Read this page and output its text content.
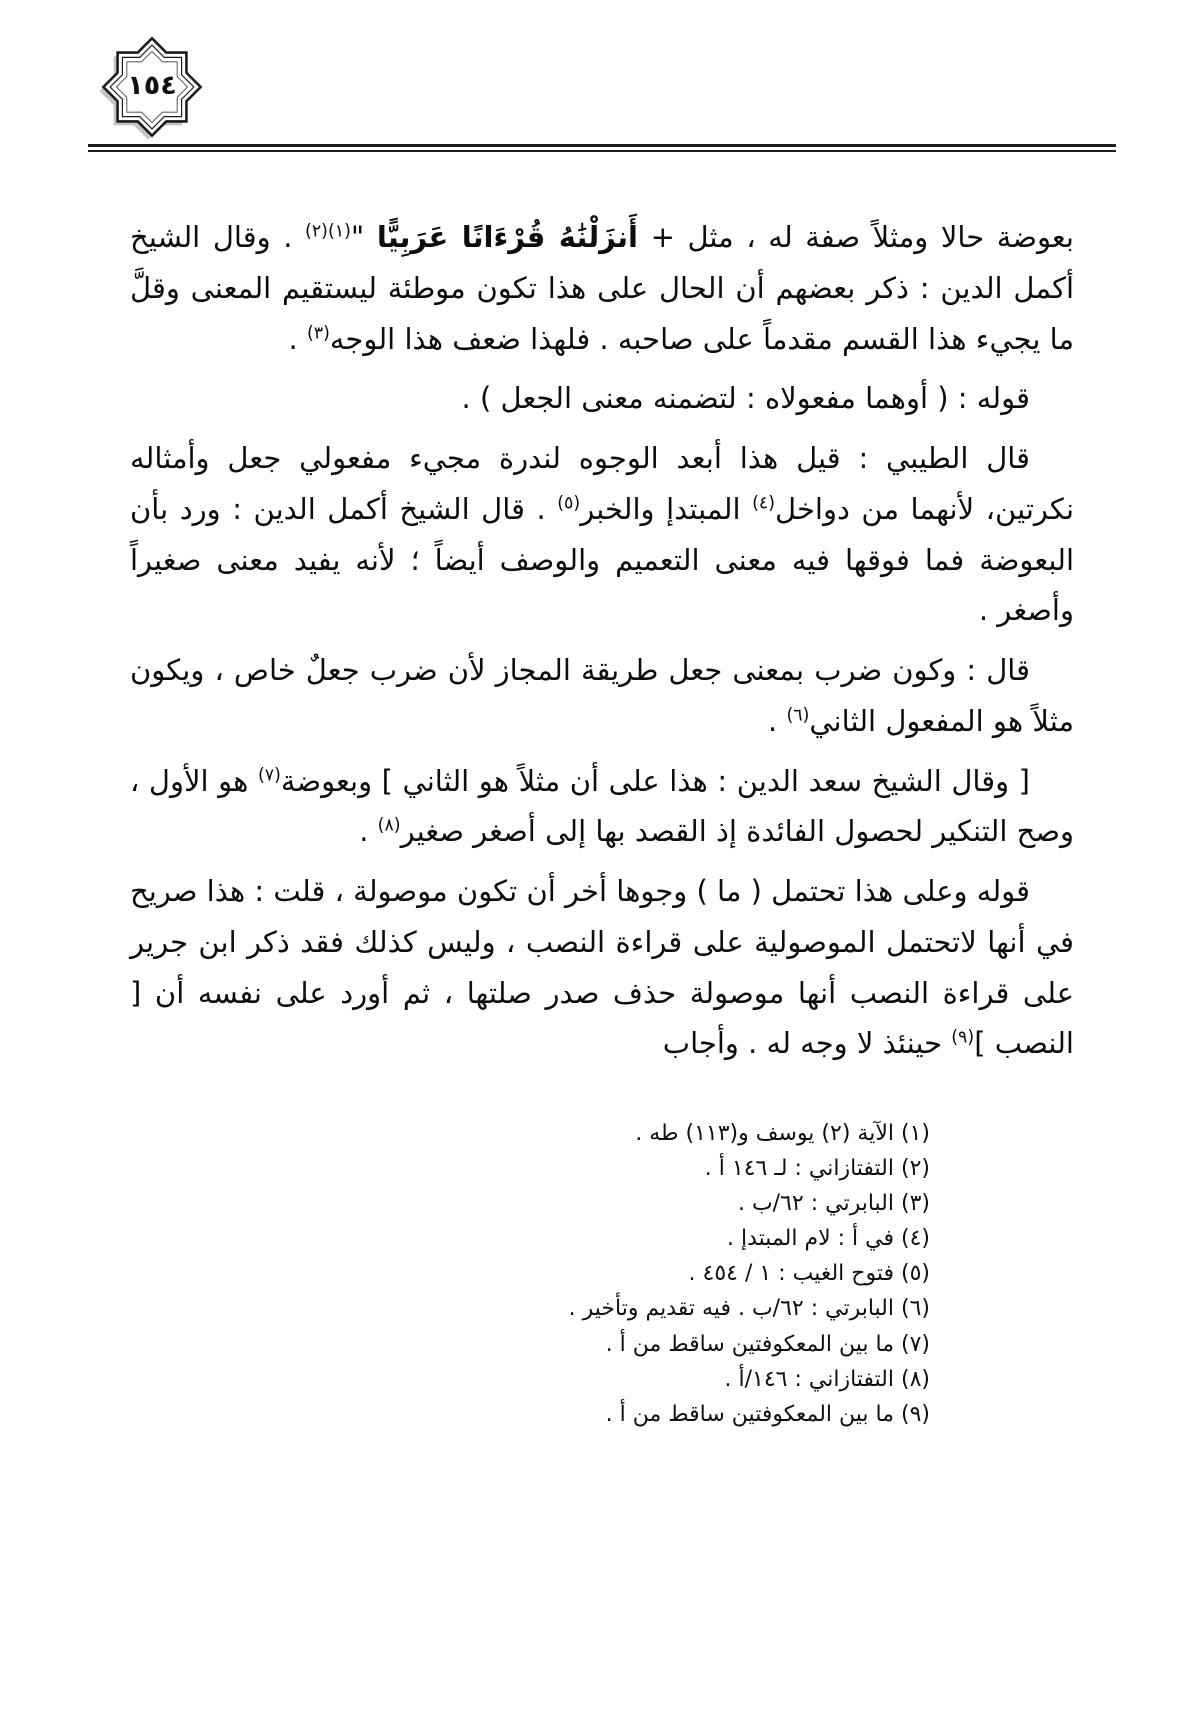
١٥٤

بعوضة حالا ومثلاً صفة له ، مثل + أَنزَلْنَٰهُ قُرْءَانًا عَرَبِيًّا "$^{(١)(٢)}$ . وقال الشيخ أكمل الدين : ذكر بعضهم أن الحال على هذا تكون موطئة ليستقيم المعنى وقلَّ ما يجيء هذا القسم مقدماً على صاحبه . فلهذا ضعف هذا الوجه$^{(٣)}$ .

قوله : ( أوهما مفعولاه : لتضمنه معنى الجعل ) .

قال الطيبي : قيل هذا أبعد الوجوه لندرة مجيء مفعولي جعل وأمثاله نكرتين، لأنهما من دواخل$^{(٤)}$ المبتدإ والخبر$^{(٥)}$ . قال الشيخ أكمل الدين : ورد بأن البعوضة فما فوقها فيه معنى التعميم والوصف أيضاً ؛ لأنه يفيد معنى صغيراً وأصغر .

قال : وكون ضرب بمعنى جعل طريقة المجاز لأن ضرب جعلٌ خاص ، ويكون مثلاً هو المفعول الثاني$^{(٦)}$ .

[ وقال الشيخ سعد الدين : هذا على أن مثلاً هو الثاني ] وبعوضة$^{(٧)}$ هو الأول ، وصح التنكير لحصول الفائدة إذ القصد بها إلى أصغر صغير$^{(٨)}$ .

قوله وعلى هذا تحتمل ( ما ) وجوها أخر أن تكون موصولة ، قلت : هذا صريح في أنها لاتحتمل الموصولية على قراءة النصب ، وليس كذلك فقد ذكر ابن جرير على قراءة النصب أنها موصولة حذف صدر صلتها ، ثم أورد على نفسه أن [ النصب ]$^{(٩)}$ حينئذ لا وجه له . وأجاب

(١) الآية (٢) يوسف و(١١٣) طه .

(٢) التفتازاني : لـ ١٤٦ أ .

(٣) البابرتي : ٦٢/ب .

(٤) في أ : لام المبتدإ .

(٥) فتوح الغيب : ١ / ٤٥٤ .

(٦) البابرتي : ٦٢/ب . فيه تقديم وتأخير .

(٧) ما بين المعكوفتين ساقط من أ .

(٨) التفتازاني : ١٤٦/أ .

(٩) ما بين المعكوفتين ساقط من أ .
